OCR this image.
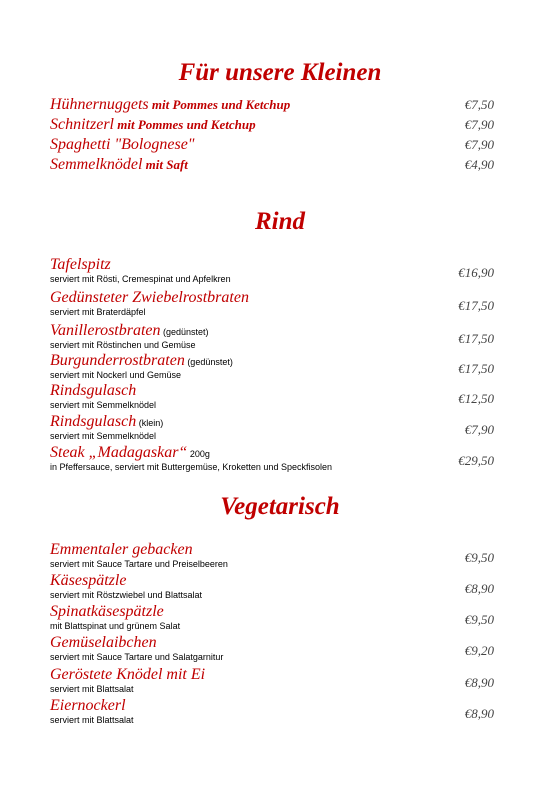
Für unsere Kleinen
Hühnernuggets mit Pommes und Ketchup	€7,50
Schnitzerl mit Pommes und Ketchup	€7,90
Spaghetti "Bolognese"	€7,90
Semmelknödel mit Saft	€4,90
Rind
Tafelspitz
serviert mit Rösti, Cremespinat und Apfelkren	€16,90
Gedünsteter Zwiebelrostbraten
serviert mit Braterdäpfel	€17,50
Vanillerostbraten (gedünstet)
serviert mit Röstinchen und Gemüse	€17,50
Burgunderrostbraten (gedünstet)
serviert mit Nockerl und Gemüse	€17,50
Rindsgulasch
serviert mit Semmelknödel	€12,50
Rindsgulasch (klein)
serviert mit Semmelknödel	€7,90
Steak „Madagaskar“ 200g
in Pfeffersauce, serviert mit Buttergemüse, Kroketten und Speckfisolen	€29,50
Vegetarisch
Emmentaler gebacken
serviert mit Sauce Tartare und Preiselbeeren	€9,50
Käsespätzle
serviert mit Röstzwiebel und Blattsalat	€8,90
Spinatkäsespätzle
mit Blattspinat und grünem Salat	€9,50
Gemüselaibchen
serviert mit Sauce Tartare und Salatgarnitur	€9,20
Geröstete Knödel mit Ei
serviert mit Blattsalat	€8,90
Eiernockerl
serviert mit Blattsalat	€8,90
